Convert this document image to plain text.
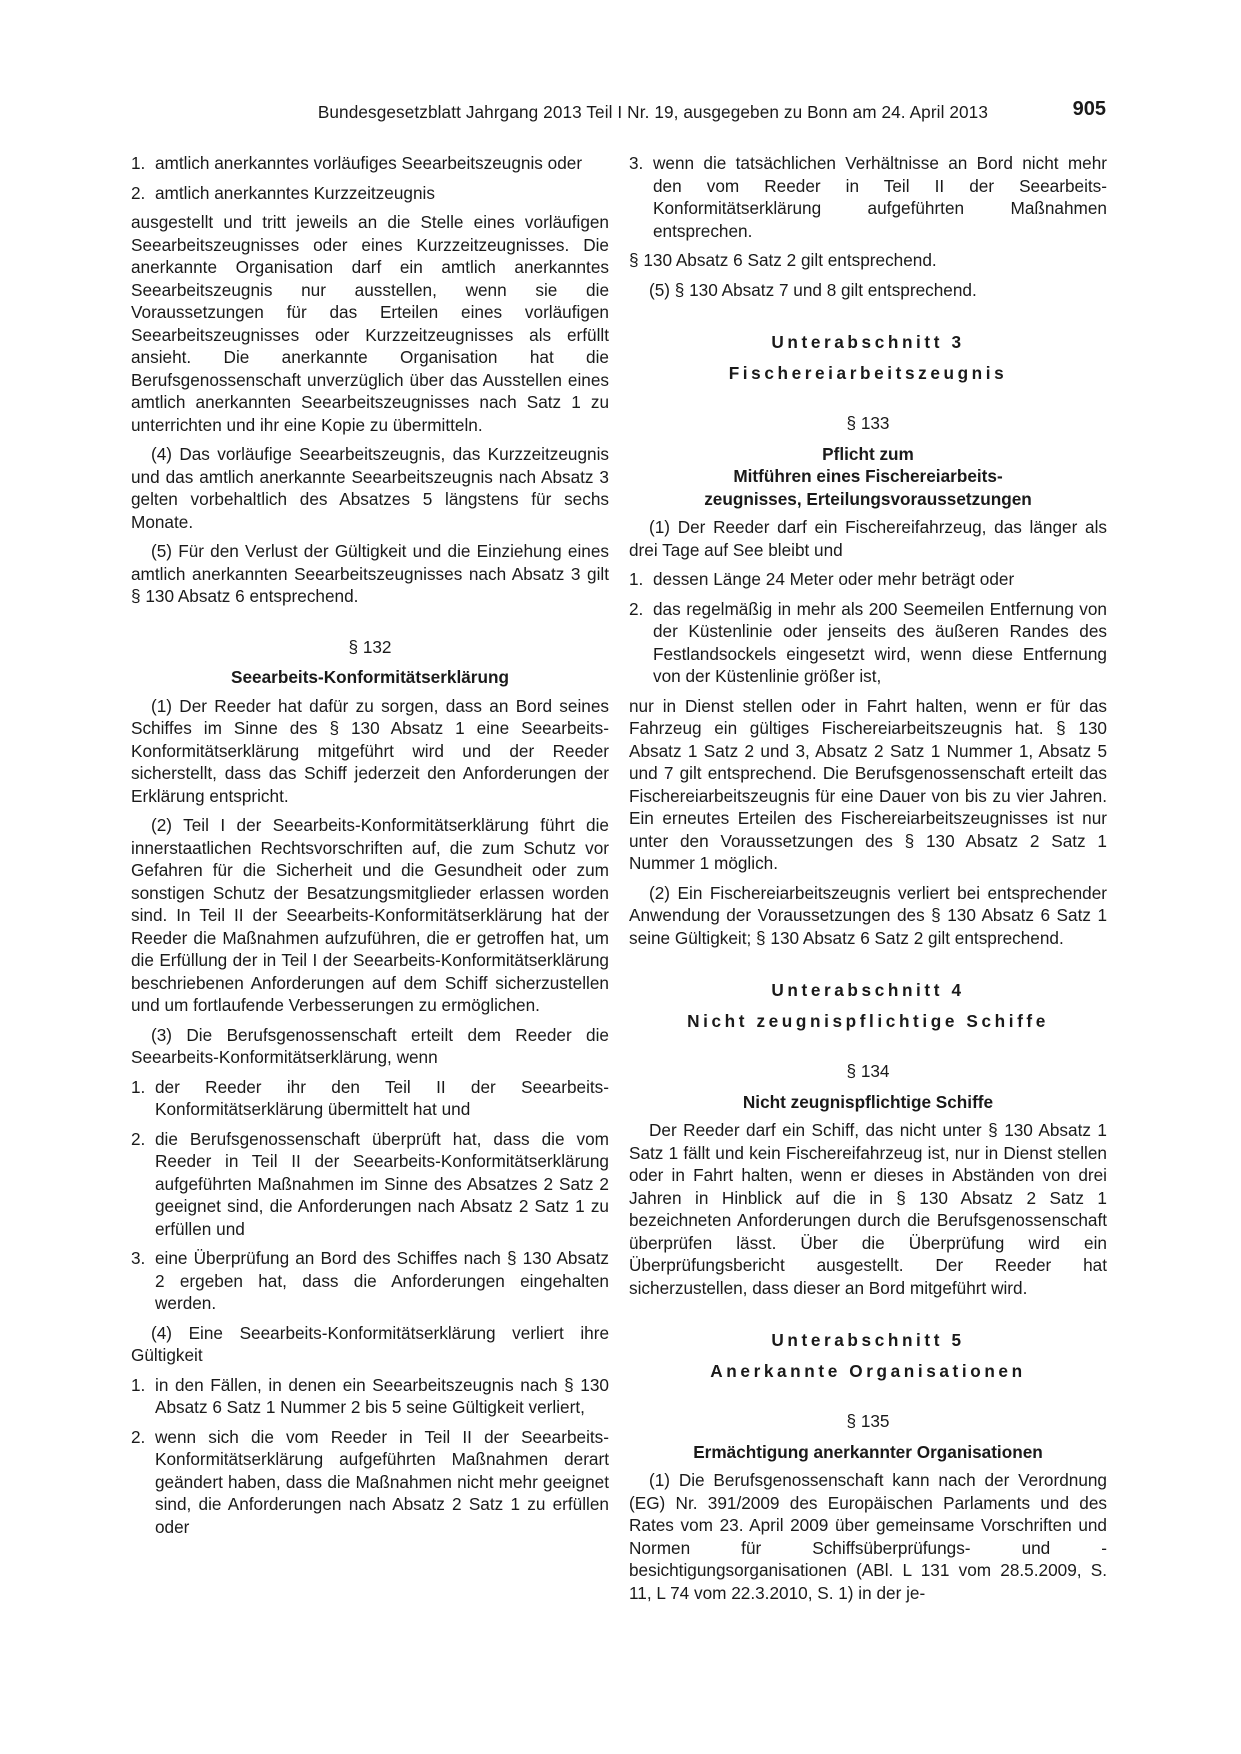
Bundesgesetzblatt Jahrgang 2013 Teil I Nr. 19, ausgegeben zu Bonn am 24. April 2013	905
1. amtlich anerkanntes vorläufiges Seearbeitszeugnis oder
2. amtlich anerkanntes Kurzzeitzeugnis

ausgestellt und tritt jeweils an die Stelle eines vorläufigen Seearbeitszeugnisses oder eines Kurzzeitzeugnisses. Die anerkannte Organisation darf ein amtlich anerkanntes Seearbeitszeugnis nur ausstellen, wenn sie die Voraussetzungen für das Erteilen eines vorläufigen Seearbeitszeugnisses oder Kurzzeitzeugnisses als erfüllt ansieht. Die anerkannte Organisation hat die Berufsgenossenschaft unverzüglich über das Ausstellen eines amtlich anerkannten Seearbeitszeugnisses nach Satz 1 zu unterrichten und ihr eine Kopie zu übermitteln.

(4) Das vorläufige Seearbeitszeugnis, das Kurzzeitzeugnis und das amtlich anerkannte Seearbeitszeugnis nach Absatz 3 gelten vorbehaltlich des Absatzes 5 längstens für sechs Monate.

(5) Für den Verlust der Gültigkeit und die Einziehung eines amtlich anerkannten Seearbeitszeugnisses nach Absatz 3 gilt § 130 Absatz 6 entsprechend.

§ 132
Seearbeits-Konformitätserklärung

(1) Der Reeder hat dafür zu sorgen, dass an Bord seines Schiffes im Sinne des § 130 Absatz 1 eine Seearbeits-Konformitätserklärung mitgeführt wird und der Reeder sicherstellt, dass das Schiff jederzeit den Anforderungen der Erklärung entspricht.

(2) Teil I der Seearbeits-Konformitätserklärung führt die innerstaatlichen Rechtsvorschriften auf, die zum Schutz vor Gefahren für die Sicherheit und die Gesundheit oder zum sonstigen Schutz der Besatzungsmitglieder erlassen worden sind. In Teil II der Seearbeits-Konformitätserklärung hat der Reeder die Maßnahmen aufzuführen, die er getroffen hat, um die Erfüllung der in Teil I der Seearbeits-Konformitätserklärung beschriebenen Anforderungen auf dem Schiff sicherzustellen und um fortlaufende Verbesserungen zu ermöglichen.

(3) Die Berufsgenossenschaft erteilt dem Reeder die Seearbeits-Konformitätserklärung, wenn

1. der Reeder ihr den Teil II der Seearbeits-Konformitätserklärung übermittelt hat und
2. die Berufsgenossenschaft überprüft hat, dass die vom Reeder in Teil II der Seearbeits-Konformitätserklärung aufgeführten Maßnahmen im Sinne des Absatzes 2 Satz 2 geeignet sind, die Anforderungen nach Absatz 2 Satz 1 zu erfüllen und
3. eine Überprüfung an Bord des Schiffes nach § 130 Absatz 2 ergeben hat, dass die Anforderungen eingehalten werden.

(4) Eine Seearbeits-Konformitätserklärung verliert ihre Gültigkeit

1. in den Fällen, in denen ein Seearbeitszeugnis nach § 130 Absatz 6 Satz 1 Nummer 2 bis 5 seine Gültigkeit verliert,
2. wenn sich die vom Reeder in Teil II der Seearbeits-Konformitätserklärung aufgeführten Maßnahmen derart geändert haben, dass die Maßnahmen nicht mehr geeignet sind, die Anforderungen nach Absatz 2 Satz 1 zu erfüllen oder
3. wenn die tatsächlichen Verhältnisse an Bord nicht mehr den vom Reeder in Teil II der Seearbeits-Konformitätserklärung aufgeführten Maßnahmen entsprechen.

§ 130 Absatz 6 Satz 2 gilt entsprechend.

(5) § 130 Absatz 7 und 8 gilt entsprechend.

Unterabschnitt 3
Fischereiarbeitszeugnis
§ 133
Pflicht zum
Mitführen eines Fischereiarbeits-
zeugnisses, Erteilungsvoraussetzungen

(1) Der Reeder darf ein Fischereifahrzeug, das länger als drei Tage auf See bleibt und

1. dessen Länge 24 Meter oder mehr beträgt oder
2. das regelmäßig in mehr als 200 Seemeilen Entfernung von der Küstenlinie oder jenseits des äußeren Randes des Festlandsockels eingesetzt wird, wenn diese Entfernung von der Küstenlinie größer ist,

nur in Dienst stellen oder in Fahrt halten, wenn er für das Fahrzeug ein gültiges Fischereiarbeitszeugnis hat. § 130 Absatz 1 Satz 2 und 3, Absatz 2 Satz 1 Nummer 1, Absatz 5 und 7 gilt entsprechend. Die Berufsgenossenschaft erteilt das Fischereiarbeitszeugnis für eine Dauer von bis zu vier Jahren. Ein erneutes Erteilen des Fischereiarbeitszeugnisses ist nur unter den Voraussetzungen des § 130 Absatz 2 Satz 1 Nummer 1 möglich.

(2) Ein Fischereiarbeitszeugnis verliert bei entsprechender Anwendung der Voraussetzungen des § 130 Absatz 6 Satz 1 seine Gültigkeit; § 130 Absatz 6 Satz 2 gilt entsprechend.

Unterabschnitt 4
Nicht zeugnispflichtige Schiffe
§ 134
Nicht zeugnispflichtige Schiffe

Der Reeder darf ein Schiff, das nicht unter § 130 Absatz 1 Satz 1 fällt und kein Fischereifahrzeug ist, nur in Dienst stellen oder in Fahrt halten, wenn er dieses in Abständen von drei Jahren in Hinblick auf die in § 130 Absatz 2 Satz 1 bezeichneten Anforderungen durch die Berufsgenossenschaft überprüfen lässt. Über die Überprüfung wird ein Überprüfungsbericht ausgestellt. Der Reeder hat sicherzustellen, dass dieser an Bord mitgeführt wird.

Unterabschnitt 5
Anerkannte Organisationen
§ 135
Ermächtigung anerkannter Organisationen

(1) Die Berufsgenossenschaft kann nach der Verordnung (EG) Nr. 391/2009 des Europäischen Parlaments und des Rates vom 23. April 2009 über gemeinsame Vorschriften und Normen für Schiffsüberprüfungs- und -besichtigungsorganisationen (ABl. L 131 vom 28.5.2009, S. 11, L 74 vom 22.3.2010, S. 1) in der je-
